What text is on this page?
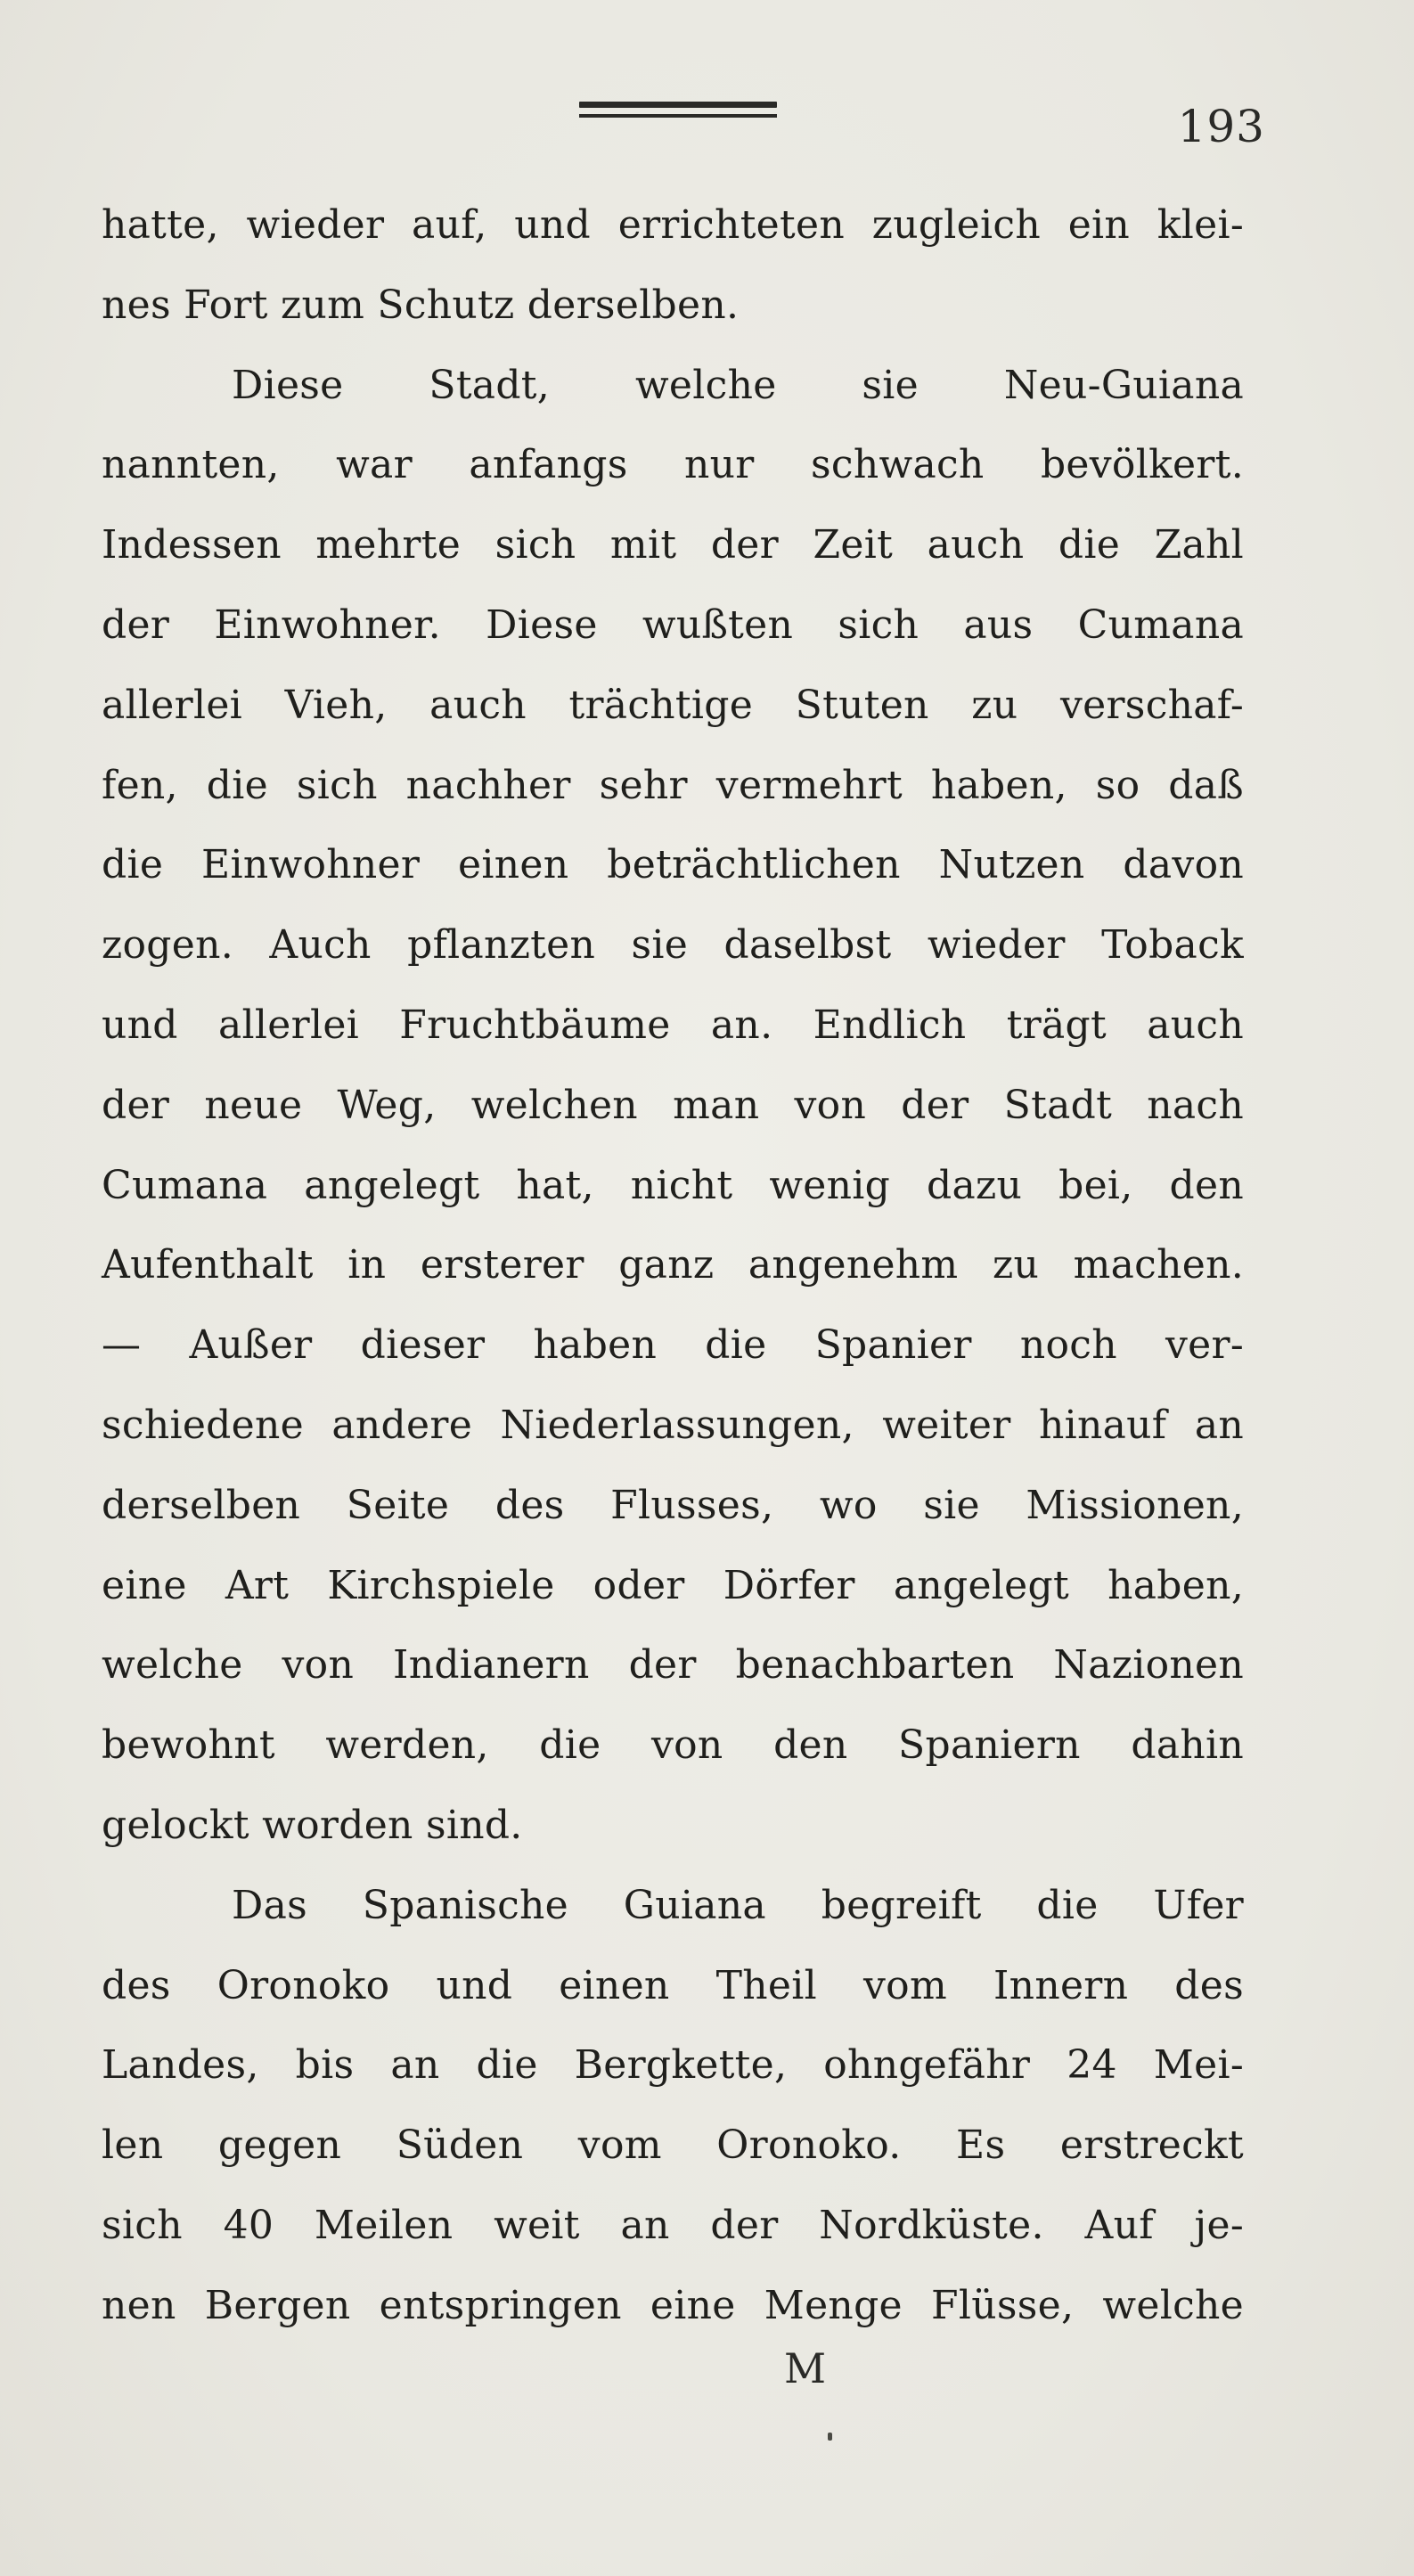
193
hatte, wieder auf, und errichteten zugleich ein klei-
nes Fort zum Schutz derselben.
Diese Stadt, welche sie Neu-Guiana
nannten, war anfangs nur schwach bevölkert.
Indessen mehrte sich mit der Zeit auch die Zahl
der Einwohner. Diese wußten sich aus Cumana
allerlei Vieh, auch trächtige Stuten zu verschaf-
fen, die sich nachher sehr vermehrt haben, so daß
die Einwohner einen beträchtlichen Nutzen davon
zogen. Auch pflanzten sie daselbst wieder Toback
und allerlei Fruchtbäume an. Endlich trägt auch
der neue Weg, welchen man von der Stadt nach
Cumana angelegt hat, nicht wenig dazu bei, den
Aufenthalt in ersterer ganz angenehm zu machen.
— Außer dieser haben die Spanier noch ver-
schiedene andere Niederlassungen, weiter hinauf an
derselben Seite des Flusses, wo sie Missionen,
eine Art Kirchspiele oder Dörfer angelegt haben,
welche von Indianern der benachbarten Nazionen
bewohnt werden, die von den Spaniern dahin
gelockt worden sind.
Das Spanische Guiana begreift die Ufer
des Oronoko und einen Theil vom Innern des
Landes, bis an die Bergkette, ohngefähr 24 Mei-
len gegen Süden vom Oronoko. Es erstreckt
sich 40 Meilen weit an der Nordküste. Auf je-
nen Bergen entspringen eine Menge Flüsse, welche
M
